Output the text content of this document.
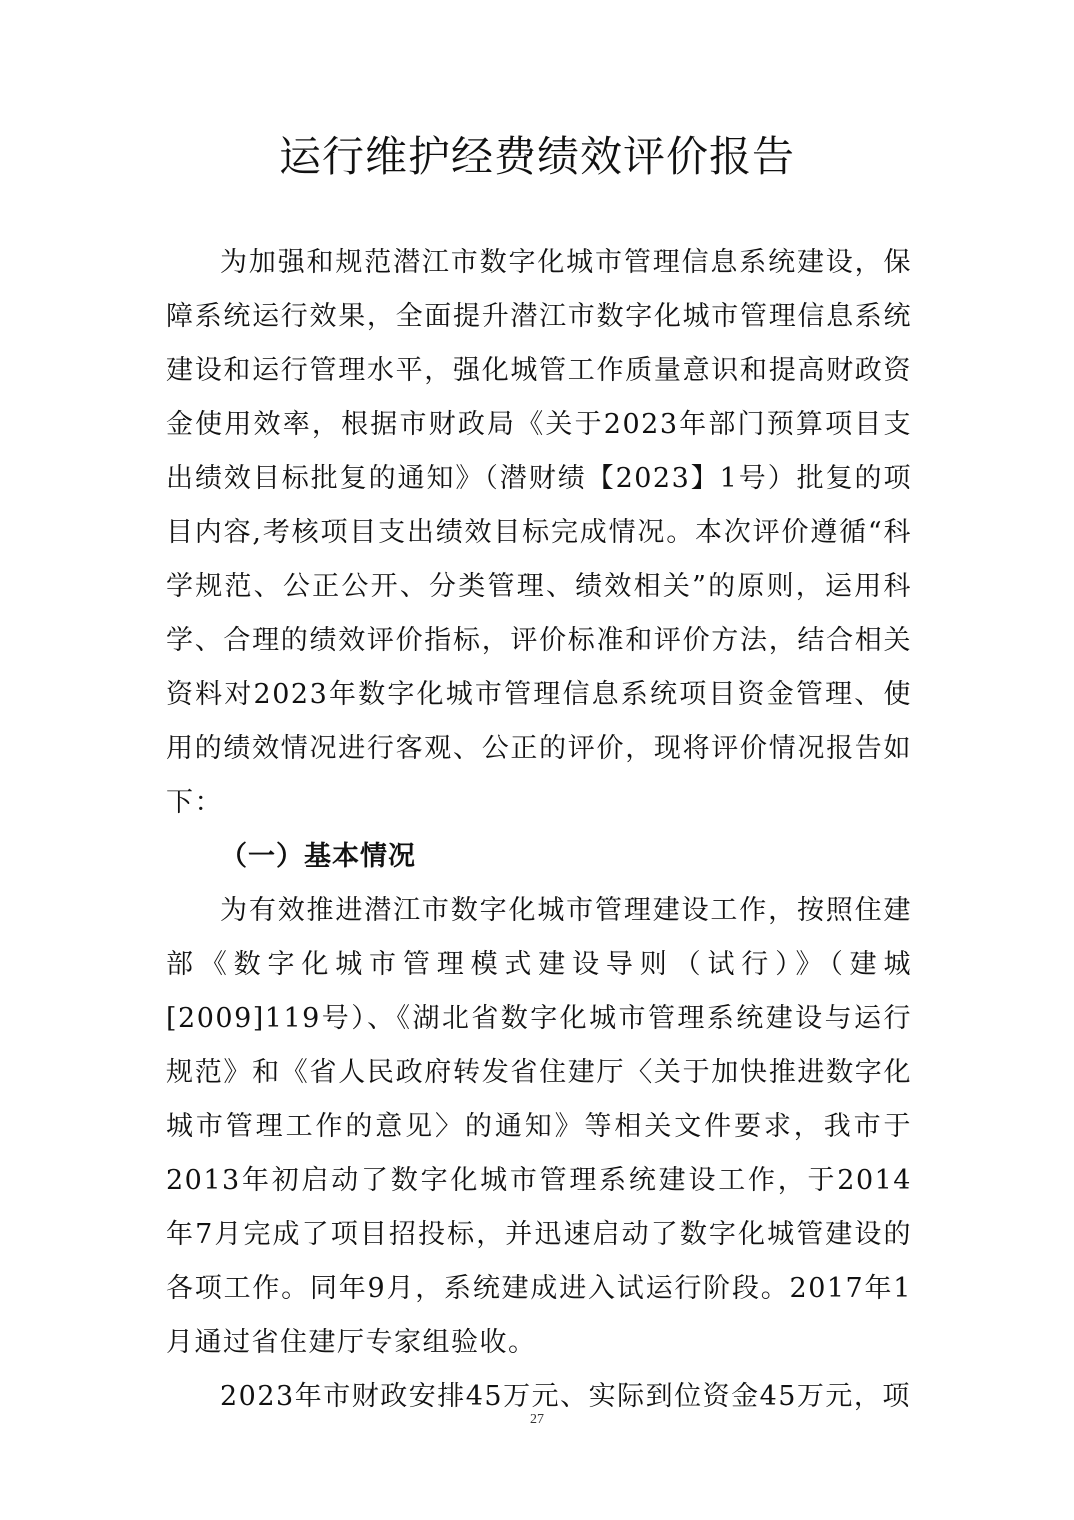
运行维护经费绩效评价报告

为加强和规范潜江市数字化城市管理信息系统建设，保障系统运行效果，全面提升潜江市数字化城市管理信息系统建设和运行管理水平，强化城管工作质量意识和提高财政资金使用效率，根据市财政局《关于2023年部门预算项目支出绩效目标批复的通知》（潜财绩【2023】1号）批复的项目内容,考核项目支出绩效目标完成情况。本次评价遵循“科学规范、公正公开、分类管理、绩效相关”的原则，运用科学、合理的绩效评价指标，评价标准和评价方法，结合相关资料对2023年数字化城市管理信息系统项目资金管理、使用的绩效情况进行客观、公正的评价，现将评价情况报告如下：

（一）基本情况

为有效推进潜江市数字化城市管理建设工作，按照住建部《数字化城市管理模式建设导则（试行）》（建城[2009]119号）、《湖北省数字化城市管理系统建设与运行规范》和《省人民政府转发省住建厅〈关于加快推进数字化城市管理工作的意见〉的通知》等相关文件要求，我市于2013年初启动了数字化城市管理系统建设工作，于2014年7月完成了项目招投标，并迅速启动了数字化城管建设的各项工作。同年9月，系统建成进入试运行阶段。2017年1月通过省住建厅专家组验收。

2023年市财政安排45万元、实际到位资金45万元，项

27
